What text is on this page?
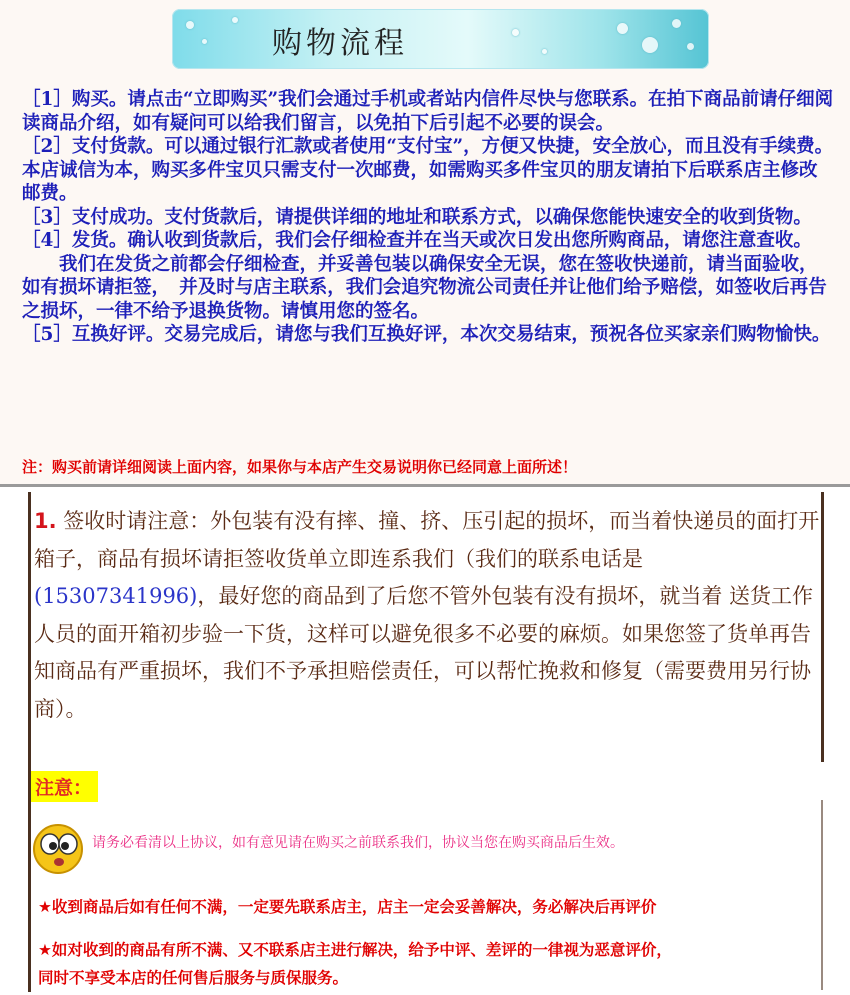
购物流程

［1］购买。请点击“立即购买”我们会通过手机或者站内信件尽快与您联系。在拍下商品前请仔细阅读商品介绍，如有疑问可以给我们留言，以免拍下后引起不必要的误会。

［2］支付货款。可以通过银行汇款或者使用“支付宝”，方便又快捷，安全放心，而且没有手续费。本店诚信为本，购买多件宝贝只需支付一次邮费，如需购买多件宝贝的朋友请拍下后联系店主修改邮费。

［3］支付成功。支付货款后，请提供详细的地址和联系方式，以确保您能快速安全的收到货物。

［4］发货。确认收到货款后，我们会仔细检查并在当天或次日发出您所购商品，请您注意查收。

我们在发货之前都会仔细检查，并妥善包装以确保安全无误，您在签收快递前，请当面验收，如有损坏请拒签，　并及时与店主联系，我们会追究物流公司责任并让他们给予赔偿，如签收后再告之损坏，一律不给予退换货物。请慎用您的签名。

［5］互换好评。交易完成后，请您与我们互换好评，本次交易结束，预祝各位买家亲们购物愉快。

注：购买前请详细阅读上面内容，如果你与本店产生交易说明你已经同意上面所述！
1. 签收时请注意：外包装有没有摔、撞、挤、压引起的损坏，而当着快递员的面打开箱子，商品有损坏请拒签收货单立即连系我们（我们的联系电话是(15307341996)，最好您的商品到了后您不管外包装有没有损坏，就当着 送货工作人员的面开箱初步验一下货，这样可以避免很多不必要的麻烦。如果您签了货单再告知商品有严重损坏，我们不予承担赔偿责任，可以帮忙挽救和修复（需要费用另行协商）。
注意：
请务必看清以上协议，如有意见请在购买之前联系我们，协议当您在购买商品后生效。
★收到商品后如有任何不满，一定要先联系店主，店主一定会妥善解决，务必解决后再评价
★如对收到的商品有所不满、又不联系店主进行解决，给予中评、差评的一律视为恶意评价，
同时不享受本店的任何售后服务与质保服务。
